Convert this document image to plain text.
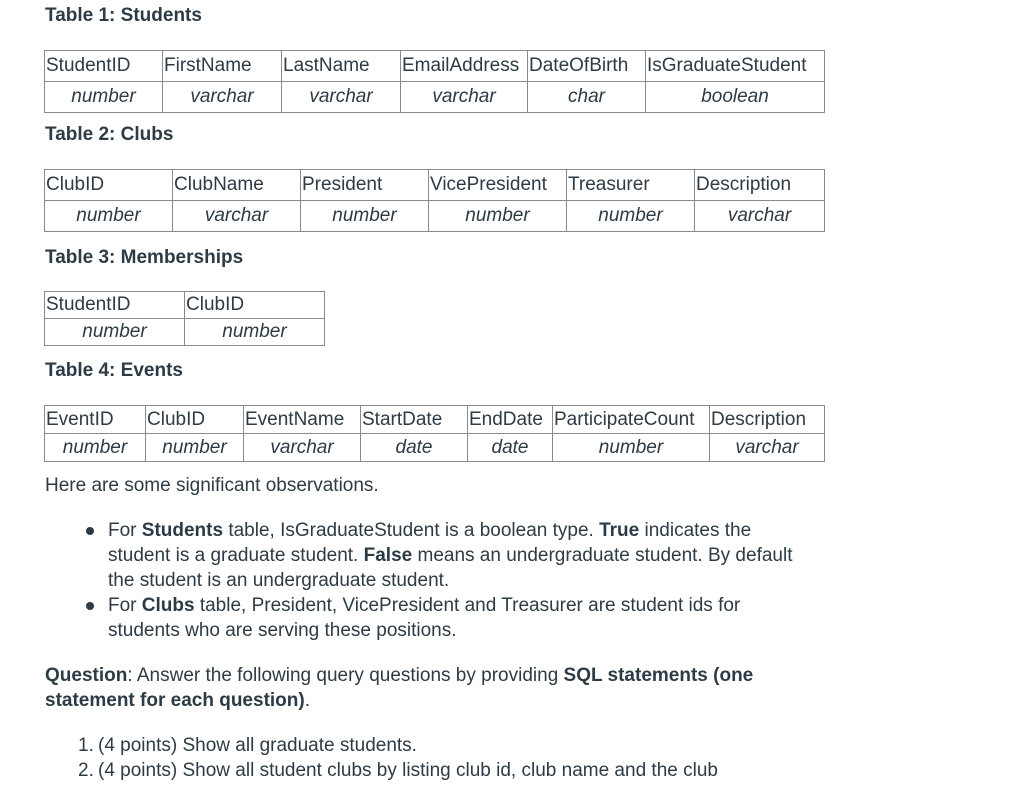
Table 1: Students
StudentID	FirstName	LastName	EmailAddress	DateOfBirth	IsGraduateStudent
number	varchar	varchar	varchar	char	boolean
Table 2: Clubs
ClubID	ClubName	President	VicePresident	Treasurer	Description
number	varchar	number	number	number	varchar
Table 3: Memberships
StudentID	ClubID
number	number
Table 4: Events
EventID	ClubID	EventName	StartDate	EndDate	ParticipateCount	Description
number	number	varchar	date	date	number	varchar
Here are some significant observations.
For Students table, IsGraduateStudent is a boolean type. True indicates the student is a graduate student. False means an undergraduate student. By default the student is an undergraduate student.
For Clubs table, President, VicePresident and Treasurer are student ids for students who are serving these positions.
Question: Answer the following query questions by providing SQL statements (one statement for each question).
1. (4 points) Show all graduate students.
2. (4 points) Show all student clubs by listing club id, club name and the club
